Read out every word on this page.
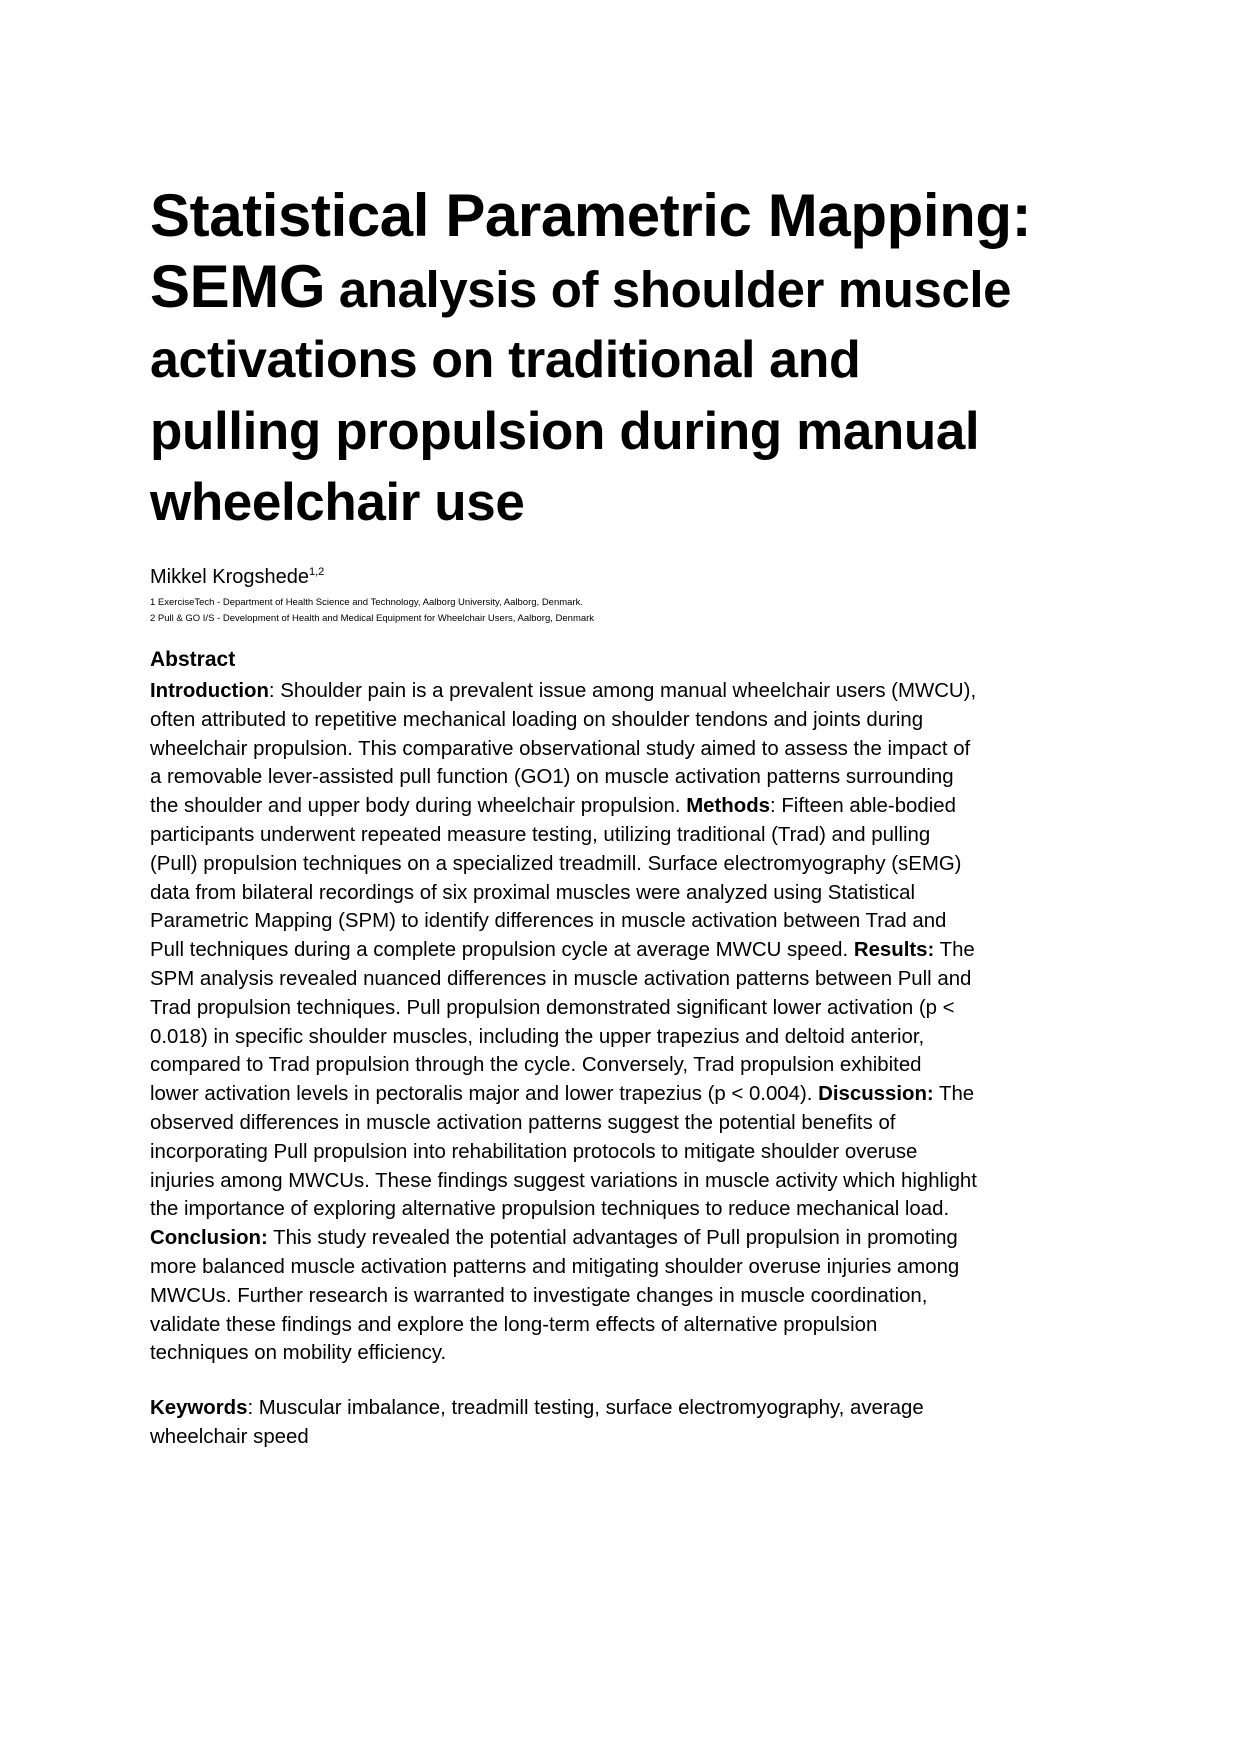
Statistical Parametric Mapping:
SEMG analysis of shoulder muscle
activations on traditional and
pulling propulsion during manual
wheelchair use
Mikkel Krogshede$^{1,2}$
1 ExerciseTech - Department of Health Science and Technology, Aalborg University, Aalborg, Denmark.
2 Pull & GO I/S - Development of Health and Medical Equipment for Wheelchair Users, Aalborg, Denmark
Abstract
Introduction: Shoulder pain is a prevalent issue among manual wheelchair users (MWCU),
often attributed to repetitive mechanical loading on shoulder tendons and joints during
wheelchair propulsion. This comparative observational study aimed to assess the impact of
a removable lever-assisted pull function (GO1) on muscle activation patterns surrounding
the shoulder and upper body during wheelchair propulsion. Methods: Fifteen able-bodied
participants underwent repeated measure testing, utilizing traditional (Trad) and pulling
(Pull) propulsion techniques on a specialized treadmill. Surface electromyography (sEMG)
data from bilateral recordings of six proximal muscles were analyzed using Statistical
Parametric Mapping (SPM) to identify differences in muscle activation between Trad and
Pull techniques during a complete propulsion cycle at average MWCU speed. Results: The
SPM analysis revealed nuanced differences in muscle activation patterns between Pull and
Trad propulsion techniques. Pull propulsion demonstrated significant lower activation (p <
0.018) in specific shoulder muscles, including the upper trapezius and deltoid anterior,
compared to Trad propulsion through the cycle. Conversely, Trad propulsion exhibited
lower activation levels in pectoralis major and lower trapezius (p < 0.004). Discussion: The
observed differences in muscle activation patterns suggest the potential benefits of
incorporating Pull propulsion into rehabilitation protocols to mitigate shoulder overuse
injuries among MWCUs. These findings suggest variations in muscle activity which highlight
the importance of exploring alternative propulsion techniques to reduce mechanical load.
Conclusion: This study revealed the potential advantages of Pull propulsion in promoting
more balanced muscle activation patterns and mitigating shoulder overuse injuries among
MWCUs. Further research is warranted to investigate changes in muscle coordination,
validate these findings and explore the long-term effects of alternative propulsion
techniques on mobility efficiency.
Keywords: Muscular imbalance, treadmill testing, surface electromyography, average
wheelchair speed
